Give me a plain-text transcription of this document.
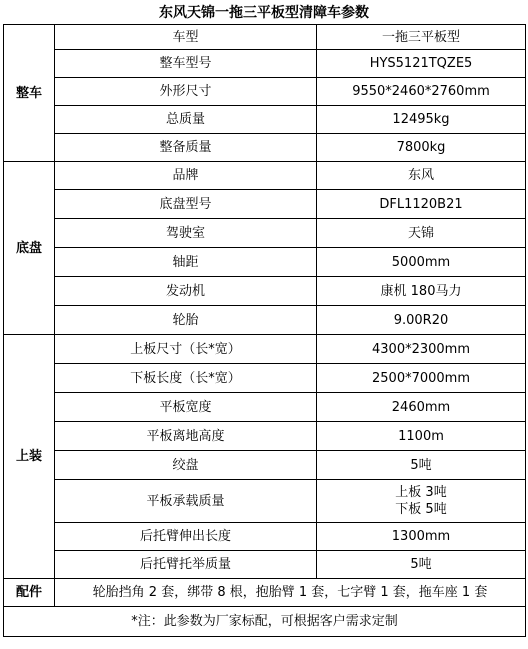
东风天锦一拖三平板型清障车参数
整车	车型	一拖三平板型
	整车型号	HYS5121TQZE5
	外形尺寸	9550*2460*2760mm
	总质量	12495kg
	整备质量	7800kg
底盘	品牌	东风
	底盘型号	DFL1120B21
	驾驶室	天锦
	轴距	5000mm
	发动机	康机 180马力
	轮胎	9.00R20
上装	上板尺寸（长*宽）	4300*2300mm
	下板长度（长*宽）	2500*7000mm
	平板宽度	2460mm
	平板离地高度	1100m
	绞盘	5吨
	平板承载质量	上板 3吨
下板 5吨

	后托臂伸出长度	1300mm
	后托臂托举质量	5吨
配件	轮胎挡角 2 套，绑带 8 根，抱胎臂 1 套，七字臂 1 套，拖车座 1 套	
*注：此参数为厂家标配，可根据客户需求定制		
